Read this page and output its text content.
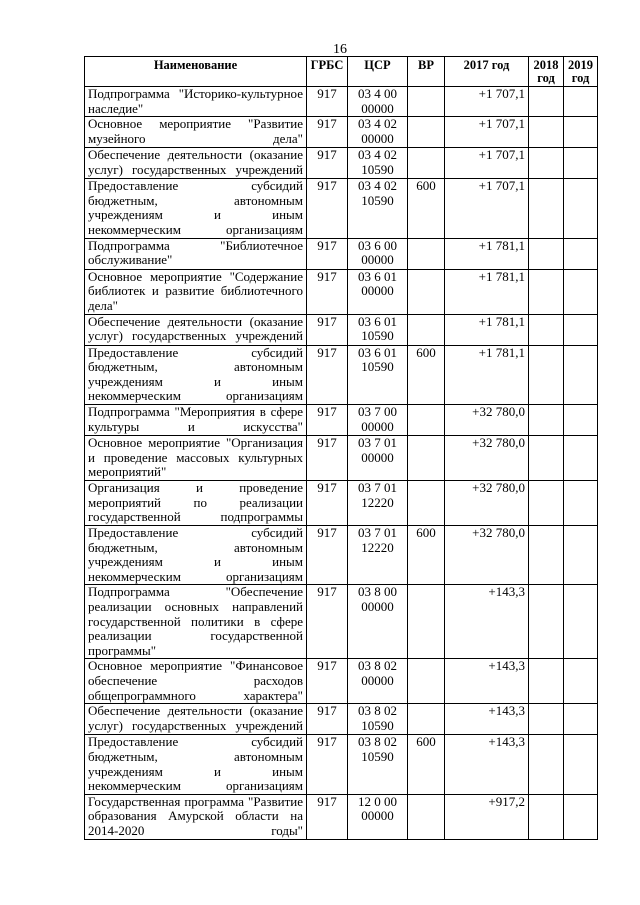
16
Наименование	ГРБС	ЦСР	ВР	2017 год	2018 год	2019 год
Подпрограмма "Историко-культурное наследие"	917	03 4 00 00000		+1 707,1		
Основное мероприятие "Развитие музейного дела"	917	03 4 02 00000		+1 707,1		
Обеспечение деятельности (оказание услуг) государственных учреждений	917	03 4 02 10590		+1 707,1		
Предоставление субсидий бюджетным, автономным учреждениям и иным некоммерческим организациям	917	03 4 02 10590	600	+1 707,1		
Подпрограмма "Библиотечное обслуживание"	917	03 6 00 00000		+1 781,1		
Основное мероприятие "Содержание библиотек и развитие библиотечного дела"	917	03 6 01 00000		+1 781,1		
Обеспечение деятельности (оказание услуг) государственных учреждений	917	03 6 01 10590		+1 781,1		
Предоставление субсидий бюджетным, автономным учреждениям и иным некоммерческим организациям	917	03 6 01 10590	600	+1 781,1		
Подпрограмма "Мероприятия в сфере культуры и искусства"	917	03 7 00 00000		+32 780,0		
Основное мероприятие "Организация и проведение массовых культурных мероприятий"	917	03 7 01 00000		+32 780,0		
Организация и проведение мероприятий по реализации государственной подпрограммы	917	03 7 01 12220		+32 780,0		
Предоставление субсидий бюджетным, автономным учреждениям и иным некоммерческим организациям	917	03 7 01 12220	600	+32 780,0		
Подпрограмма "Обеспечение реализации основных направлений государственной политики в сфере реализации государственной программы"	917	03 8 00 00000		+143,3		
Основное мероприятие "Финансовое обеспечение расходов общепрограммного характера"	917	03 8 02 00000		+143,3		
Обеспечение деятельности (оказание услуг) государственных учреждений	917	03 8 02 10590		+143,3		
Предоставление субсидий бюджетным, автономным учреждениям и иным некоммерческим организациям	917	03 8 02 10590	600	+143,3		
Государственная программа "Развитие образования Амурской области на 2014-2020 годы"	917	12 0 00 00000		+917,2		
